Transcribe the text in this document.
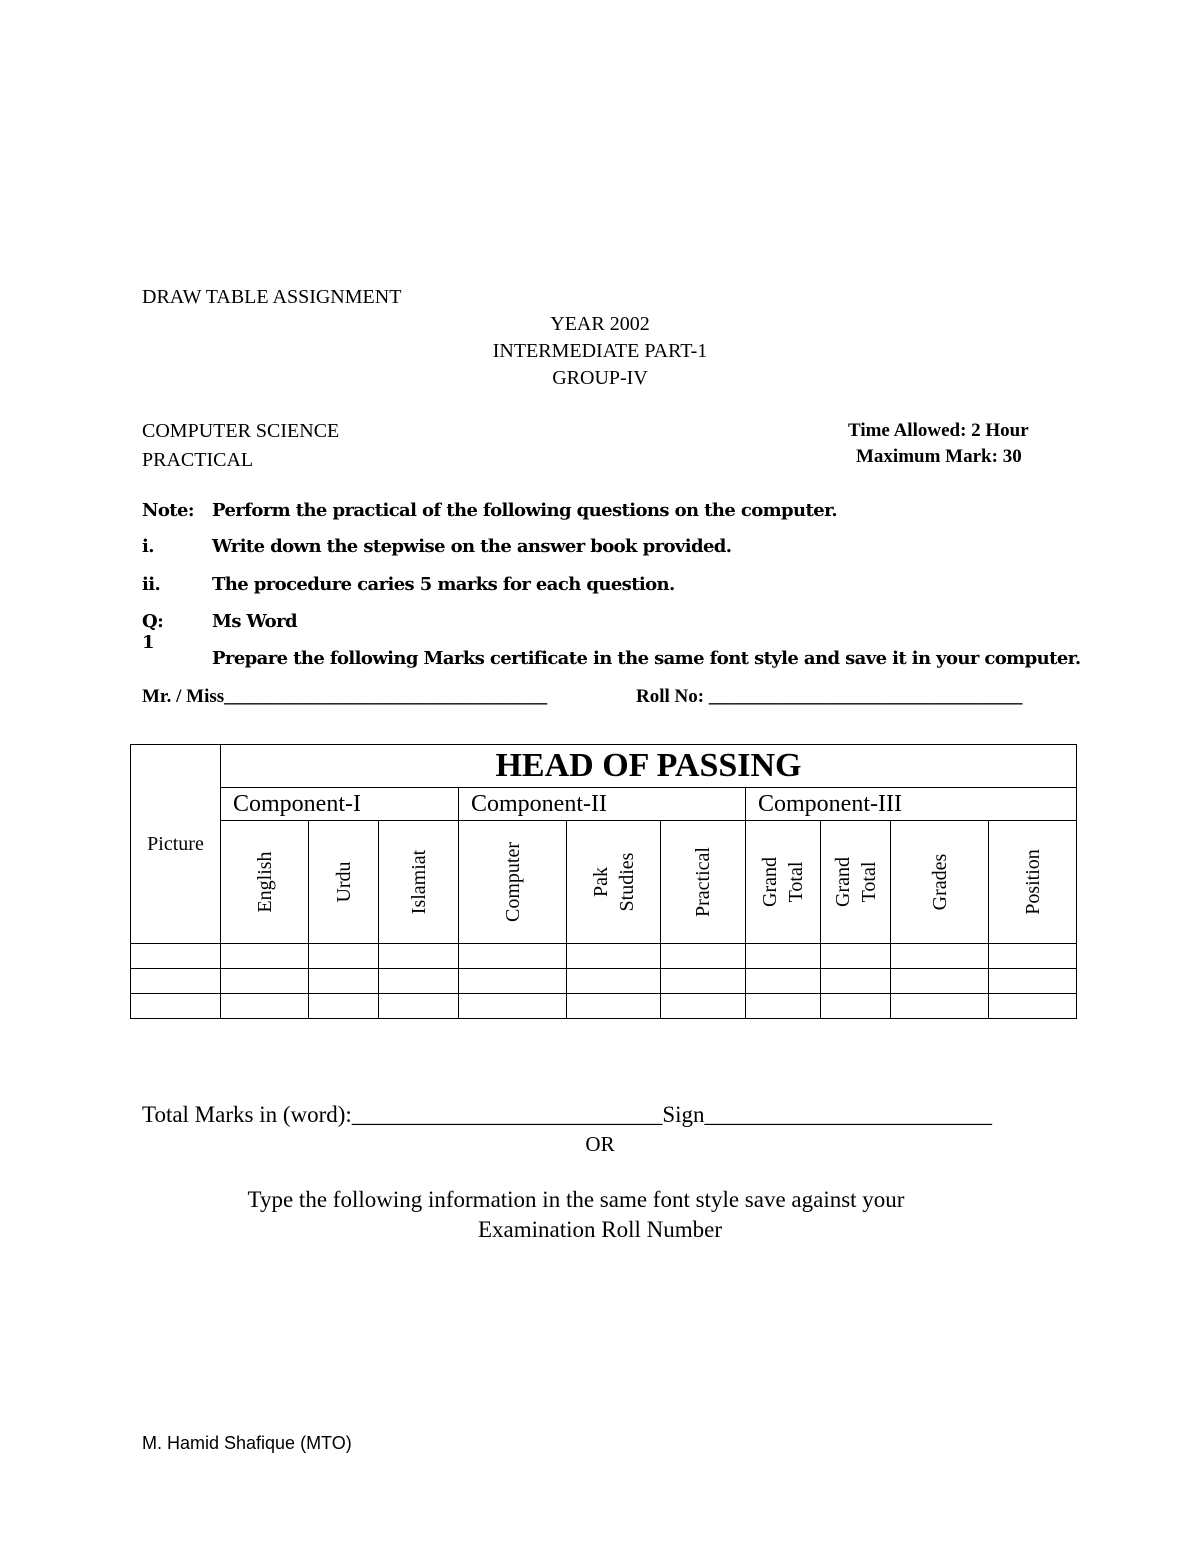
DRAW TABLE ASSIGNMENT
YEAR 2002
INTERMEDIATE PART-1
GROUP-IV
COMPUTER SCIENCE
PRACTICAL
Time Allowed: 2 Hour
Maximum Mark: 30
Note: Perform the practical of the following questions on the computer.
i.	Write down the stepwise on the answer book provided.
ii.	The procedure caries 5 marks for each question.
Q: 1
Ms Word
Prepare the following Marks certificate in the same font style and save it in your computer.
Mr. / Miss__________________________________	Roll No: _________________________________
Picture	HEAD OF PASSING									
	Component-I			Component-II			Component-III			

	English	Urdu	Islamiat	Computer	Pak Studies	Practical	Grand Total	Grand Total	Grades	Position

Total Marks in (word):___________________________Sign_________________________
OR
Type the following information in the same font style save against your
Examination Roll Number
M. Hamid Shafique (MTO)
